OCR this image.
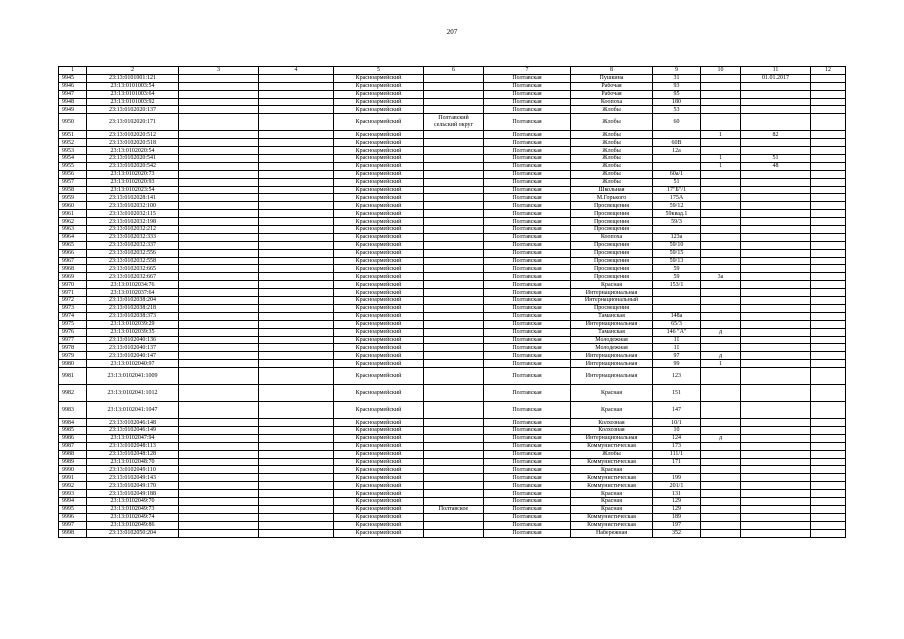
207
1	2	3	4	5	6	7	8	9	10	11	12
9945	23:13:0101001:121			Красноармейский		Полтавская	Пушкина	31		01.01.2017	
9946	23:13:0101003:54			Красноармейский		Полтавская	Рабочая	93			
9947	23:13:0101003:64			Красноармейский		Полтавская	Рабочая	95			
9948	23:13:0101003:92			Красноармейский		Полтавская	Коопоха	180			
9949	23:13:0102020:137			Красноармейский		Полтавская	Жлобы	53			
9950	23:13:0102020:171			Красноармейский	Полтавский сельский округ	Полтавская	Жлобы	60			
9951	23:13:0102020:512			Красноармейский		Полтавская	Жлобы		1	82	
9952	23:13:0102020:518			Красноармейский		Полтавская	Жлобы	60В			
9953	23:13:0102020:54			Красноармейский		Полтавская	Жлобы	12а			
9954	23:13:0102020:541			Красноармейский		Полтавская	Жлобы		1	51	
9955	23:13:0102020:542			Красноармейский		Полтавская	Жлобы		1	48	
9956	23:13:0102020:73			Красноармейский		Полтавская	Жлобы	60а/1			
9957	23:13:0102020:93			Красноармейский		Полтавская	Жлобы	51			
9958	23:13:0102023:54			Красноармейский		Полтавская	Школьная	17"Б"/1			
9959	23:13:0102028:141			Красноармейский		Полтавская	М.Горького	175А			
9960	23:13:0102032:100			Красноармейский		Полтавская	Просвещения	59/12			
9961	23:13:0102032:115			Красноармейский		Полтавская	Просвещения	59квад.1			
9962	23:13:0102032:198			Красноармейский		Полтавская	Просвещения	59/3			
9963	23:13:0102032:212			Красноармейский		Полтавская	Просвещения				
9964	23:13:0102032:333			Красноармейский		Полтавская	Коопоха	123а			
9965	23:13:0102032:337			Красноармейский		Полтавская	Просвещения	59/10			
9966	23:13:0102032:556			Красноармейский		Полтавская	Просвещения	59/15			
9967	23:13:0102032:558			Красноармейский		Полтавская	Просвещения	59/13			
9968	23:13:0102032:665			Красноармейский		Полтавская	Просвещения	59			
9969	23:13:0102032:667			Красноармейский		Полтавская	Просвещения	59	3а		
9970	23:13:0102034:76			Красноармейский		Полтавская	Красная	153/1			
9971	23:13:0102037:64			Красноармейский		Полтавская	Интернациональная				
9972	23:13:0102038:204			Красноармейский		Полтавская	Интернациональный				
9973	23:13:0102038:218			Красноармейский		Полтавская	Просвещения				
9974	23:13:0102038:373			Красноармейский		Полтавская	Таманская	148а			
9975	23:13:0102039:29			Красноармейский		Полтавская	Интернациональная	65/3			
9976	23:13:0102039:35			Красноармейский		Полтавская	Таманская	146 "А"	д		
9977	23:13:0102040:136			Красноармейский		Полтавская	Молодежная	11			
9978	23:13:0102040:137			Красноармейский		Полтавская	Молодежная	11			
9979	23:13:0102040:147			Красноармейский		Полтавская	Интернациональная	97	д		
9980	23:13:0102040:97			Красноармейский		Полтавская	Интернациональная	99	1		
9981	23:13:0102041:1009			Красноармейский		Полтавская	Интернациональная	123			
9982	23:13:0102041:1012			Красноармейский		Полтавская	Красная	151			
9983	23:13:0102041:1047			Красноармейский		Полтавская	Красная	147			
9984	23:13:0102046:148			Красноармейский		Полтавская	Колхозная	10/1			
9985	23:13:0102046:149			Красноармейский		Полтавская	Колхозная	10			
9986	23:13:0102047:94			Красноармейский		Полтавская	Интернациональная	124	д		
9987	23:13:0102048:113			Красноармейский		Полтавская	Коммунистическая	173			
9988	23:13:0102048:128			Красноармейский		Полтавская	Жлобы	111/1			
9989	23:13:0102048:70			Красноармейский		Полтавская	Коммунистическая	171			
9990	23:13:0102049:110			Красноармейский		Полтавская	Красная				
9991	23:13:0102049:143			Красноармейский		Полтавская	Коммунистическая	199			
9992	23:13:0102049:170			Красноармейский		Полтавская	Коммунистическая	201/1			
9993	23:13:0102049:188			Красноармейский		Полтавская	Красная	131			
9994	23:13:0102049:70			Красноармейский		Полтавская	Красная	129			
9995	23:13:0102049:73			Красноармейский	Полтавское	Полтавская	Красная	129			
9996	23:13:0102049:74			Красноармейский		Полтавская	Коммунистическая	189			
9997	23:13:0102049:86			Красноармейский		Полтавская	Коммунистическая	197			
9998	23:13:0102050:204			Красноармейский		Полтавская	Набережная	352			
